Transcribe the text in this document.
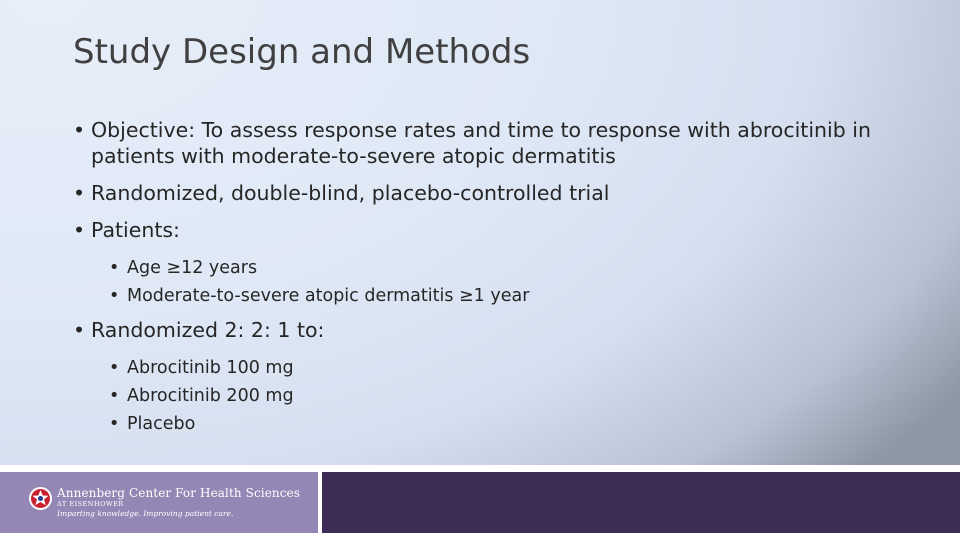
Study Design and Methods
• Objective: To assess response rates and time to response with abrocitinib in patients with moderate-to-severe atopic dermatitis
• Randomized, double-blind, placebo-controlled trial
• Patients:
• Age ≥12 years
• Moderate-to-severe atopic dermatitis ≥1 year
• Randomized 2: 2: 1 to:
• Abrocitinib 100 mg
• Abrocitinib 200 mg
• Placebo
Annenberg Center For Health Sciences
AT EISENHOWER
Imparting knowledge. Improving patient care.
